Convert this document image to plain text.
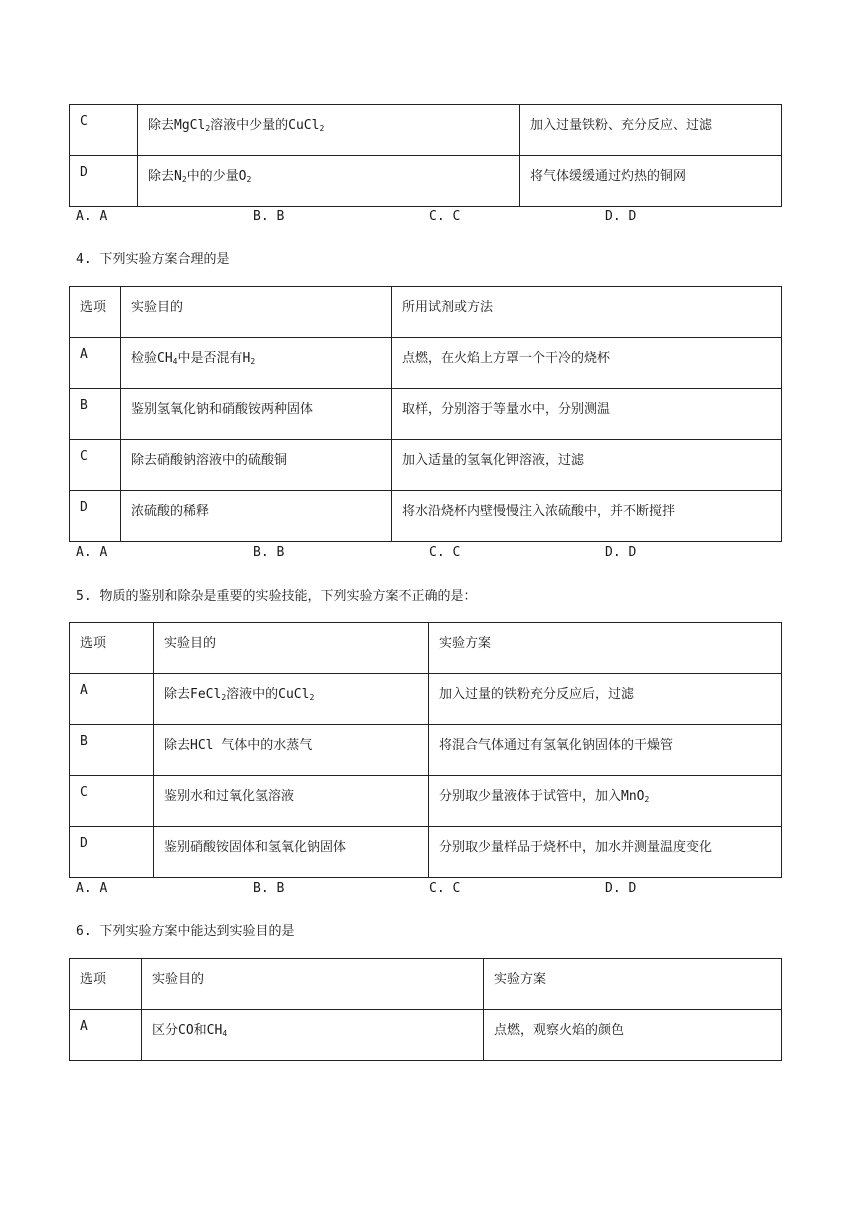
C	除去MgCl$_2$溶液中少量的CuCl$_2$	加入过量铁粉、充分反应、过滤
D	除去$N_2$中的少量$O_2$	将气体缓缓通过灼热的铜网
A. A	B. B	C. C	D. D
4. 下列实验方案合理的是
选项	实验目的	所用试剂或方法
A	检验$CH_4$中是否混有$H_2$	点燃，在火焰上方罩一个干冷的烧杯
B	鉴别氢氧化钠和硝酸铵两种固体	取样，分别溶于等量水中，分别测温
C	除去硝酸钠溶液中的硫酸铜	加入适量的氢氧化钾溶液，过滤
D	浓硫酸的稀释	将水沿烧杯内壁慢慢注入浓硫酸中，并不断搅拌
A. A	B. B	C. C	D. D
5. 物质的鉴别和除杂是重要的实验技能，下列实验方案不正确的是：
选项	实验目的	实验方案
A	除去FeCl$_2$溶液中的CuCl$_2$	加入过量的铁粉充分反应后，过滤
B	除去HCl 气体中的水蒸气	将混合气体通过有氢氧化钠固体的干燥管
C	鉴别水和过氧化氢溶液	分别取少量液体于试管中，加入MnO$_2$
D	鉴别硝酸铵固体和氢氧化钠固体	分别取少量样品于烧杯中，加水并测量温度变化
A. A	B. B	C. C	D. D
6. 下列实验方案中能达到实验目的是
选项	实验目的	实验方案
A	区分CO和$CH_4$	点燃，观察火焰的颜色
